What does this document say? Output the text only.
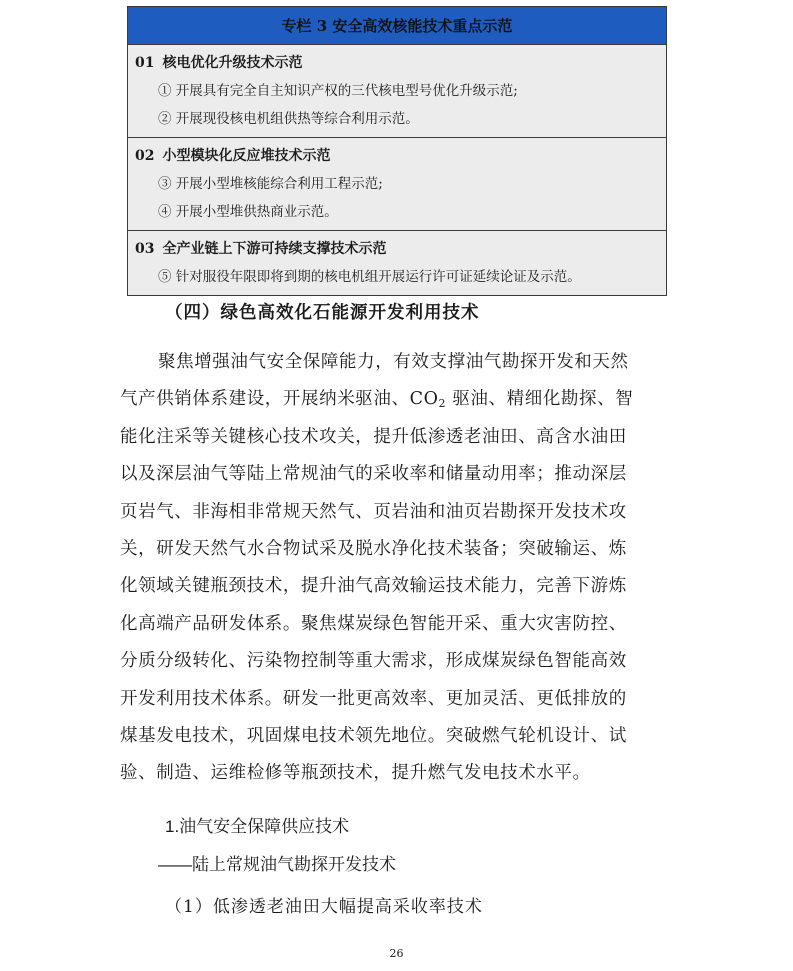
专栏 3 安全高效核能技术重点示范
01 核电优化升级技术示范
① 开展具有完全自主知识产权的三代核电型号优化升级示范;
② 开展现役核电机组供热等综合利用示范。
02 小型模块化反应堆技术示范
③ 开展小型堆核能综合利用工程示范;
④ 开展小型堆供热商业示范。
03 全产业链上下游可持续支撑技术示范
⑤ 针对服役年限即将到期的核电机组开展运行许可证延续论证及示范。
（四）绿色高效化石能源开发利用技术
聚焦增强油气安全保障能力，有效支撑油气勘探开发和天然
气产供销体系建设，开展纳米驱油、$CO_2$ 驱油、精细化勘探、智
能化注采等关键核心技术攻关，提升低渗透老油田、高含水油田
以及深层油气等陆上常规油气的采收率和储量动用率；推动深层
页岩气、非海相非常规天然气、页岩油和油页岩勘探开发技术攻
关，研发天然气水合物试采及脱水净化技术装备；突破输运、炼
化领域关键瓶颈技术，提升油气高效输运技术能力，完善下游炼
化高端产品研发体系。聚焦煤炭绿色智能开采、重大灾害防控、
分质分级转化、污染物控制等重大需求，形成煤炭绿色智能高效
开发利用技术体系。研发一批更高效率、更加灵活、更低排放的
煤基发电技术，巩固煤电技术领先地位。突破燃气轮机设计、试
验、制造、运维检修等瓶颈技术，提升燃气发电技术水平。
1.油气安全保障供应技术
——陆上常规油气勘探开发技术
（1）低渗透老油田大幅提高采收率技术
26
